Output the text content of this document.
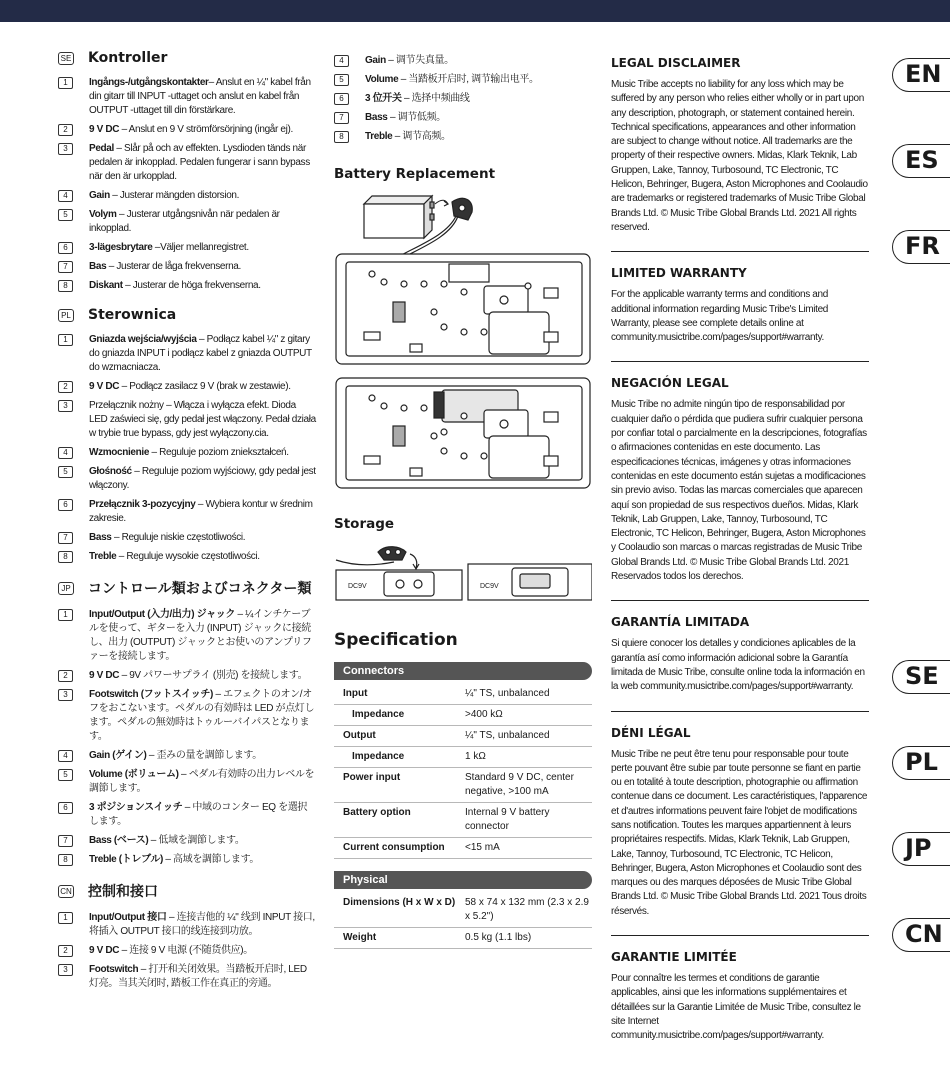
SE Kontroller
1	Ingångs-/utgångskontakter– Anslut en ¼" kabel från din gitarr till INPUT -uttaget och anslut en kabel från OUTPUT -uttaget till din förstärkare.
2	9 V DC – Anslut en 9 V strömförsörjning (ingår ej).
3	Pedal – Slår på och av effekten. Lysdioden tänds när pedalen är inkopplad. Pedalen fungerar i sann bypass när den är urkopplad.
4	Gain – Justerar mängden distorsion.
5	Volym – Justerar utgångsnivån när pedalen är inkopplad.
6	3-lägesbrytare –Väljer mellanregistret.
7	Bas – Justerar de låga frekvenserna.
8	Diskant – Justerar de höga frekvenserna.
PL Sterownica
1	Gniazda wejścia/wyjścia – Podłącz kabel ¼" z gitary do gniazda INPUT i podłącz kabel z gniazda OUTPUT do wzmacniacza.
2	9 V DC – Podłącz zasilacz 9 V (brak w zestawie).
3	Przełącznik nożny – Włącza i wyłącza efekt. Dioda LED zaświeci się, gdy pedał jest włączony. Pedał działa w trybie true bypass, gdy jest wyłączony.cia.
4	Wzmocnienie – Reguluje poziom zniekształceń.
5	Głośność – Reguluje poziom wyjściowy, gdy pedał jest włączony.
6	Przełącznik 3-pozycyjny – Wybiera kontur w średnim zakresie.
7	Bass – Reguluje niskie częstotliwości.
8	Treble – Reguluje wysokie częstotliwości.
JP コントロール類およびコネクター類
1	Input/Output (入力/出力) ジャック – ¼インチケーブルを使って、ギターを入力 (INPUT) ジャックに接続し、出力 (OUTPUT) ジャックとお使いのアンプリファーを接続します。
2	9 V DC – 9V パワーサプライ (別売) を接続します。
3	Footswitch (フットスイッチ) – エフェクトのオン/オフをおこないます。ペダルの有効時は LED が点灯します。ペダルの無効時はトゥルーバイパスとなります。
4	Gain (ゲイン) – 歪みの量を調節します。
5	Volume (ボリューム) – ペダル有効時の出力レベルを調節します。
6	3 ポジションスイッチ – 中域のコンター EQ を選択します。
7	Bass (ベース) – 低域を調節します。
8	Treble (トレブル) – 高域を調節します。
CN 控制和接口
1	Input/Output 接口 – 连接吉他的 ¼" 线到 INPUT 接口, 将插入 OUTPUT 接口的线连接到功放。
2	9 V DC – 连接 9 V 电源 (不随货供应)。
3	Footswitch – 打开和关闭效果。当踏板开启时, LED 灯亮。当其关闭时, 踏板工作在真正的旁通。
4	Gain – 调节失真量。
5	Volume – 当踏板开启时, 调节输出电平。
6	3 位开关 – 选择中频曲线
7	Bass – 调节低频。
8	Treble – 调节高频。
Battery Replacement
Storage
DC9V	DC9V
Specification
Connectors
Input	¼" TS, unbalanced
Impedance	>400 kΩ
Output	¼" TS, unbalanced
Impedance	1 kΩ
Power input	Standard 9 V DC, center negative, >100 mA
Battery option	Internal 9 V battery connector
Current consumption	<15 mA
Physical
Dimensions (H x W x D) 58 x 74 x 132 mm (2.3 x 2.9 x 5.2")
Weight	0.5 kg (1.1 lbs)
LEGAL DISCLAIMER

Music Tribe accepts no liability for any loss which may be suffered by any person who relies either wholly or in part upon any description, photograph, or statement contained herein. Technical specifications, appearances and other information are subject to change without notice. All trademarks are the property of their respective owners. Midas, Klark Teknik, Lab Gruppen, Lake, Tannoy, Turbosound, TC Electronic, TC Helicon, Behringer, Bugera, Aston Microphones and Coolaudio are trademarks or registered trademarks of Music Tribe Global Brands Ltd. © Music Tribe Global Brands Ltd. 2021 All rights reserved.

LIMITED WARRANTY

For the applicable warranty terms and conditions and additional information regarding Music Tribe's Limited Warranty, please see complete details online at community.musictribe.com/pages/support#warranty.

NEGACIÓN LEGAL

Music Tribe no admite ningún tipo de responsabilidad por cualquier daño o pérdida que pudiera sufrir cualquier persona por confiar total o parcialmente en la descripciones, fotografías o afirmaciones contenidas en este documento. Las especificaciones técnicas, imágenes y otras informaciones contenidas en este documento están sujetas a modificaciones sin previo aviso. Todas las marcas comerciales que aparecen aquí son propiedad de sus respectivos dueños. Midas, Klark Teknik, Lab Gruppen, Lake, Tannoy, Turbosound, TC Electronic, TC Helicon, Behringer, Bugera, Aston Microphones y Coolaudio son marcas o marcas registradas de Music Tribe Global Brands Ltd. © Music Tribe Global Brands Ltd. 2021 Reservados todos los derechos.

GARANTÍA LIMITADA

Si quiere conocer los detalles y condiciones aplicables de la garantía así como información adicional sobre la Garantía limitada de Music Tribe, consulte online toda la información en la web community.musictribe.com/pages/support#warranty.

DÉNI LÉGAL

Music Tribe ne peut être tenu pour responsable pour toute perte pouvant être subie par toute personne se fiant en partie ou en totalité à toute description, photographie ou affirmation contenue dans ce document. Les caractéristiques, l'apparence et d'autres informations peuvent faire l'objet de modifications sans notification. Toutes les marques appartiennent à leurs propriétaires respectifs. Midas, Klark Teknik, Lab Gruppen, Lake, Tannoy, Turbosound, TC Electronic, TC Helicon, Behringer, Bugera, Aston Microphones et Coolaudio sont des marques ou des marques déposées de Music Tribe Global Brands Ltd. © Music Tribe Global Brands Ltd. 2021 Tous droits réservés.

GARANTIE LIMITÉE

Pour connaître les termes et conditions de garantie applicables, ainsi que les informations supplémentaires et détaillées sur la Garantie Limitée de Music Tribe, consultez le site Internet community.musictribe.com/pages/support#warranty.

EN
ES
FR
SE
PL
JP
CN
